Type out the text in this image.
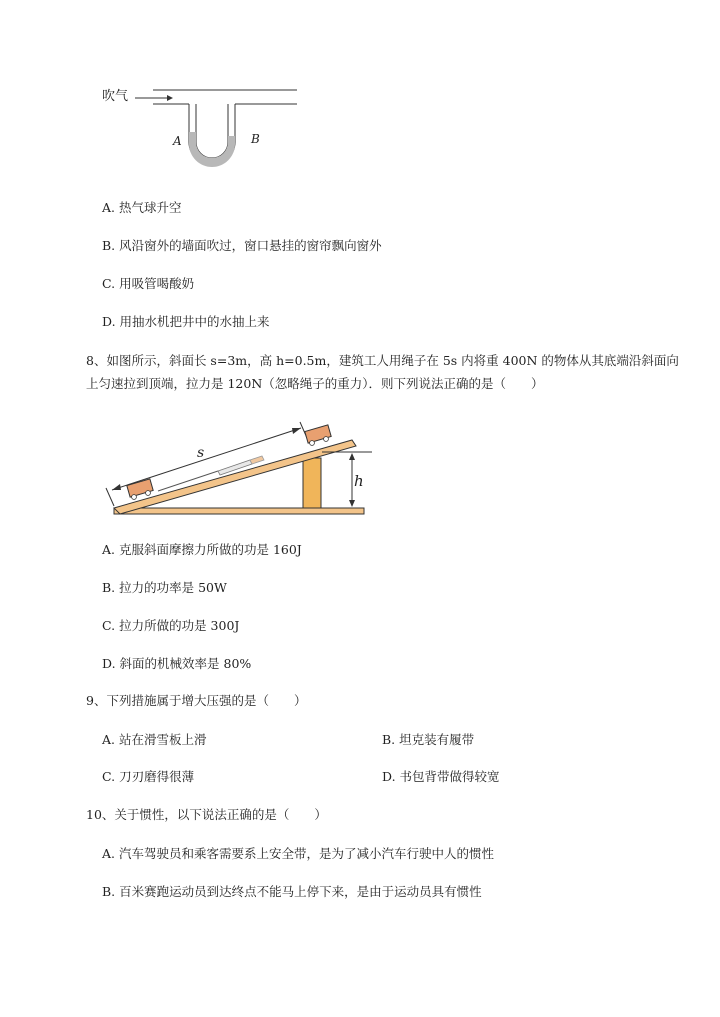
吹气
A	B
A. 热气球升空
B. 风沿窗外的墙面吹过，窗口悬挂的窗帘飘向窗外
C. 用吸管喝酸奶
D. 用抽水机把井中的水抽上来
8、如图所示，斜面长 s=3m，高 h=0.5m，建筑工人用绳子在 5s 内将重 400N 的物体从其底端沿斜面向
上匀速拉到顶端，拉力是 120N（忽略绳子的重力）．则下列说法正确的是（　　）
s
h
A. 克服斜面摩擦力所做的功是 160J
B. 拉力的功率是 50W
C. 拉力所做的功是 300J
D. 斜面的机械效率是 80%
9、下列措施属于增大压强的是（　　）
A. 站在滑雪板上滑	B. 坦克装有履带
C. 刀刃磨得很薄	D. 书包背带做得较宽
10、关于惯性，以下说法正确的是（　　）
A. 汽车驾驶员和乘客需要系上安全带，是为了减小汽车行驶中人的惯性
B. 百米赛跑运动员到达终点不能马上停下来，是由于运动员具有惯性
